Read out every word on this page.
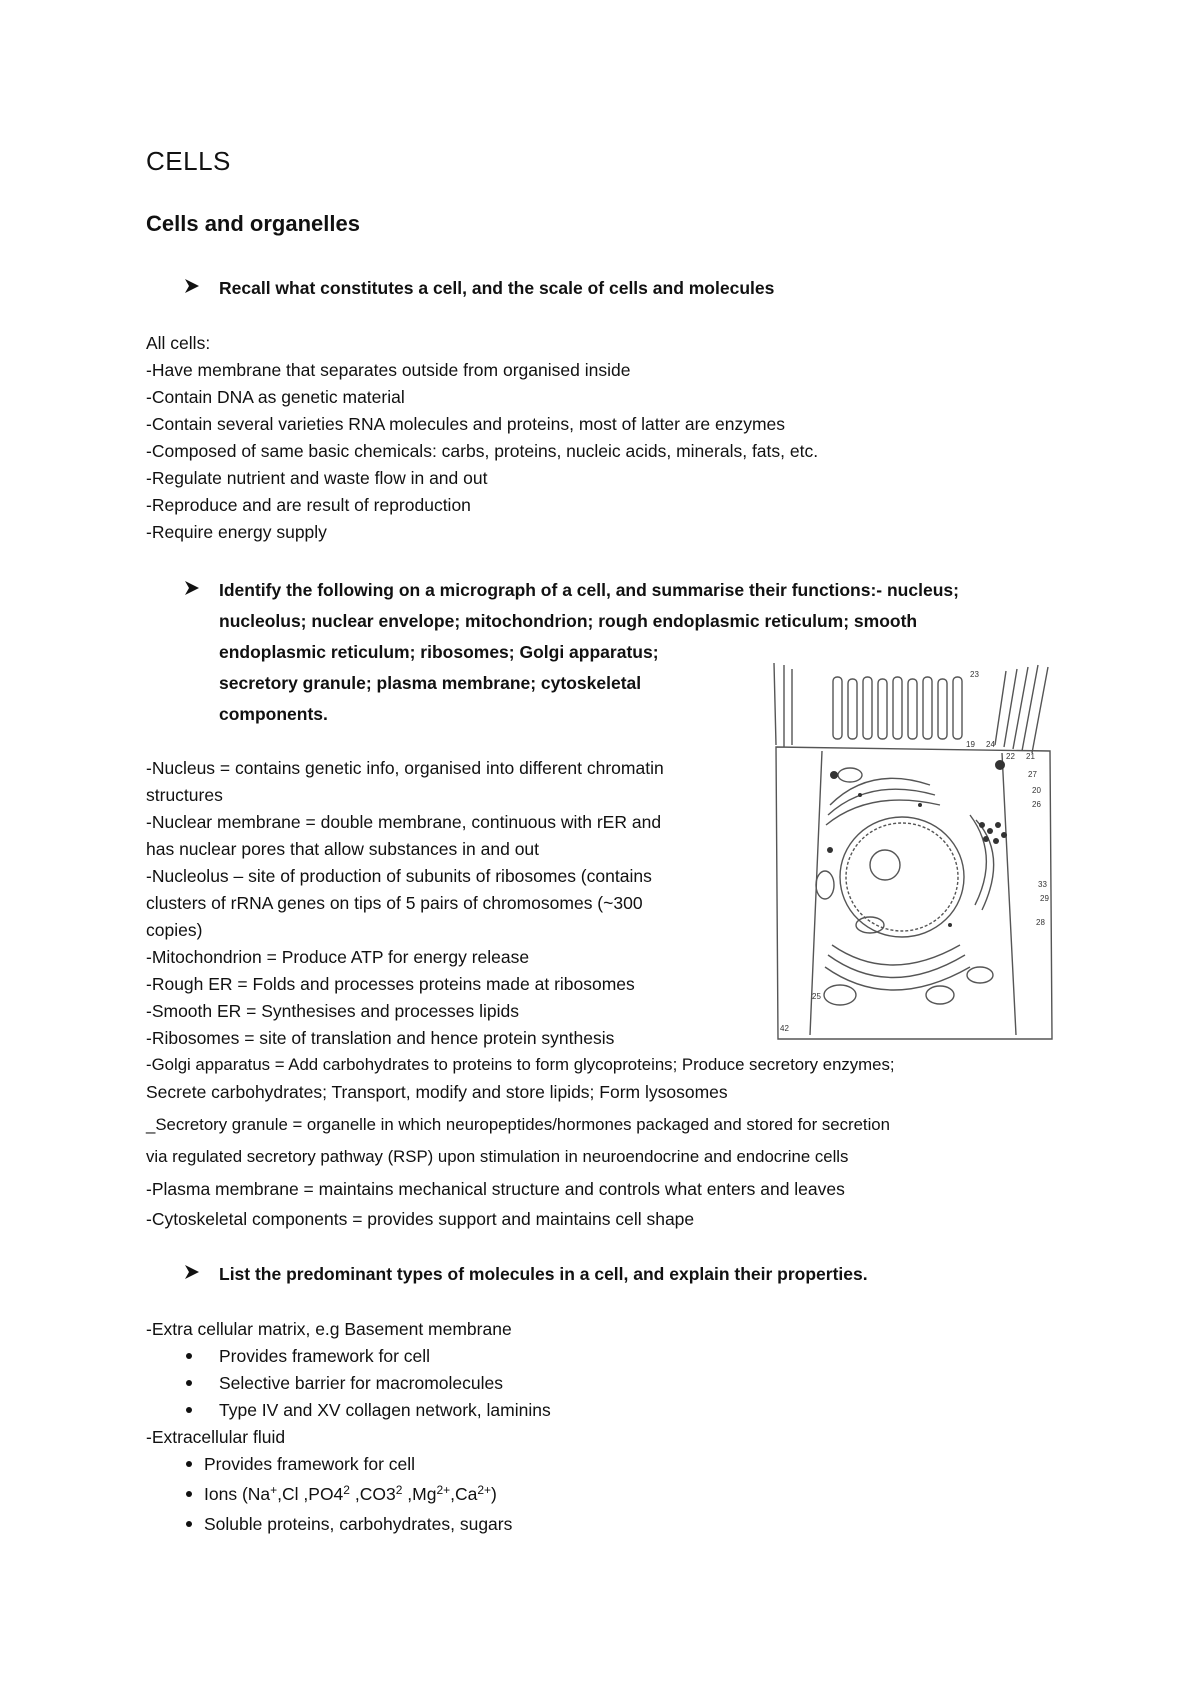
CELLS
Cells and organelles
Recall what constitutes a cell, and the scale of cells and molecules
All cells:
-Have membrane that separates outside from organised inside
-Contain DNA as genetic material
-Contain several varieties RNA molecules and proteins, most of latter are enzymes
-Composed of same basic chemicals: carbs, proteins, nucleic acids, minerals, fats, etc.
-Regulate nutrient and waste flow in and out
-Reproduce and are result of reproduction
-Require energy supply
Identify the following on a micrograph of a cell, and summarise their functions:- nucleus;
nucleolus; nuclear envelope; mitochondrion; rough endoplasmic reticulum; smooth
endoplasmic reticulum; ribosomes; Golgi apparatus;
secretory granule; plasma membrane; cytoskeletal
components.
23
19 24
22 21
27
20
26
25
33
29
28
42
-Nucleus = contains genetic info, organised into different chromatin
structures
-Nuclear membrane = double membrane, continuous with rER and
has nuclear pores that allow substances in and out
-Nucleolus – site of production of subunits of ribosomes (contains
clusters of rRNA genes on tips of 5 pairs of chromosomes (~300
copies)
-Mitochondrion = Produce ATP for energy release
-Rough ER = Folds and processes proteins made at ribosomes
-Smooth ER = Synthesises and processes lipids
-Ribosomes = site of translation and hence protein synthesis
-Golgi apparatus = Add carbohydrates to proteins to form glycoproteins; Produce secretory enzymes;
Secrete carbohydrates; Transport, modify and store lipids; Form lysosomes
_Secretory granule = organelle in which neuropeptides/hormones packaged and stored for secretion
via regulated secretory pathway (RSP) upon stimulation in neuroendocrine and endocrine cells
-Plasma membrane = maintains mechanical structure and controls what enters and leaves
-Cytoskeletal components = provides support and maintains cell shape
List the predominant types of molecules in a cell, and explain their properties.
-Extra cellular matrix, e.g Basement membrane
Provides framework for cell
Selective barrier for macromolecules
Type IV and XV collagen network, laminins
-Extracellular fluid
Provides framework for cell
Ions (Na+,Cl $,PO4^2$ $,CO3^2$ $,Mg^{2+},Ca^{2+}$)
Soluble proteins, carbohydrates, sugars
